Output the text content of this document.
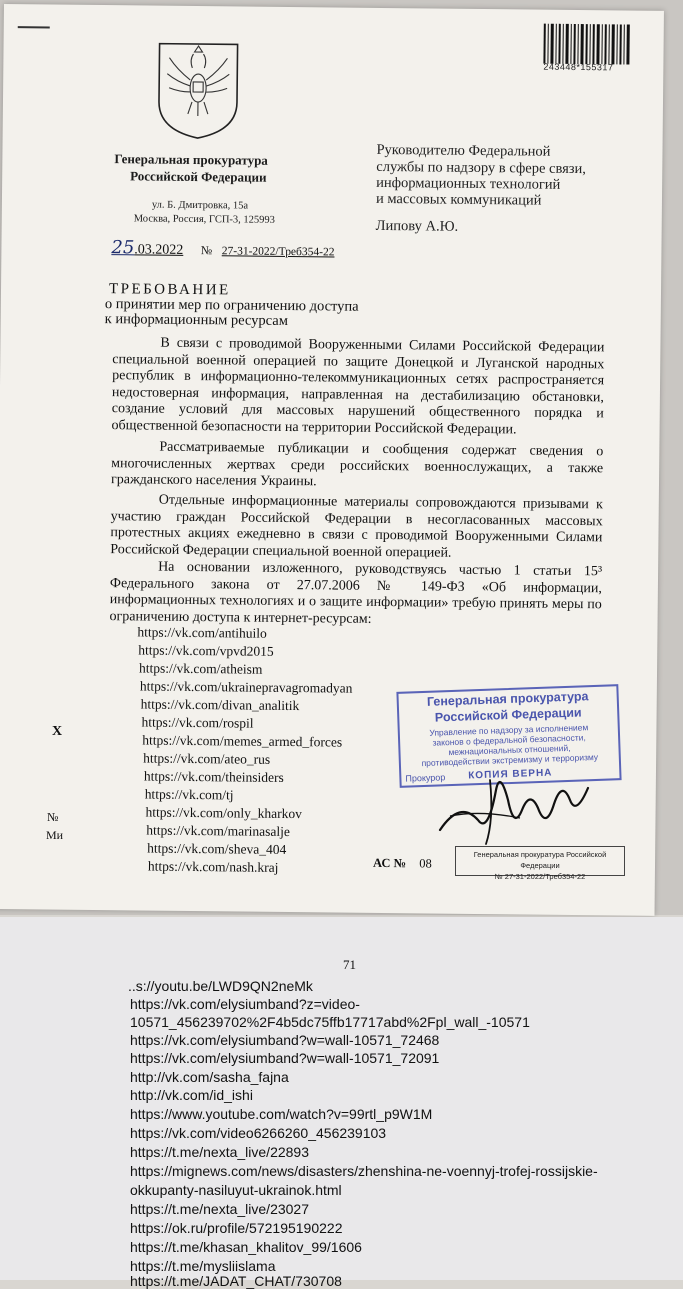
243448*155317
Генеральная прокуратура
Российской Федерации
ул. Б. Дмитровка, 15а
Москва, Россия, ГСП-3, 125993
Руководителю Федеральной
службы по надзору в сфере связи,
информационных технологий
и массовых коммуникаций
Липову А.Ю.
25.03.2022 № 27-31-2022/Треб354-22
ТРЕБОВАНИЕ
о принятии мер по ограничению доступа
к информационным ресурсам

В связи с проводимой Вооруженными Силами Российской Федерации специальной военной операцией по защите Донецкой и Луганской народных республик в информационно-телекоммуникационных сетях распространяется недостоверная информация, направленная на дестабилизацию обстановки, создание условий для массовых нарушений общественного порядка и общественной безопасности на территории Российской Федерации.

Рассматриваемые публикации и сообщения содержат сведения о многочисленных жертвах среди российских военнослужащих, а также гражданского населения Украины.

Отдельные информационные материалы сопровождаются призывами к участию граждан Российской Федерации в несогласованных массовых протестных акциях ежедневно в связи с проводимой Вооруженными Силами Российской Федерации специальной военной операцией.

На основании изложенного, руководствуясь частью 1 статьи 15³ Федерального закона от 27.07.2006 № 149-ФЗ «Об информации, информационных технологиях и о защите информации» требую принять меры по ограничению доступа к интернет-ресурсам:

https://vk.com/antihuilo
https://vk.com/vpvd2015
https://vk.com/atheism
https://vk.com/ukrainepravagromadyan
https://vk.com/divan_analitik
https://vk.com/rospil
https://vk.com/memes_armed_forces
https://vk.com/ateo_rus
https://vk.com/theinsiders
https://vk.com/tj
https://vk.com/only_kharkov
https://vk.com/marinasalje
https://vk.com/sheva_404
https://vk.com/nash.kraj	АС № 08
Генеральная прокуратура
Российской Федерации
Управление по надзору за исполнением законов о федеральной безопасности, межнациональных отношений, противодействии экстремизму и терроризму
КОПИЯ ВЕРНА
Прокурор
Генеральная прокуратура Российской Федерации
№ 27-31-2022/Треб354-22
Х
№
Ми
71
..s://youtu.be/LWD9QN2neMk
https://vk.com/elysiumband?z=video-
10571_456239702%2F4b5dc75ffb17717abd%2Fpl_wall_-10571
https://vk.com/elysiumband?w=wall-10571_72468
https://vk.com/elysiumband?w=wall-10571_72091
http://vk.com/sasha_fajna
http://vk.com/id_ishi
https://www.youtube.com/watch?v=99rtl_p9W1M
https://vk.com/video6266260_456239103
https://t.me/nexta_live/22893
https://mignews.com/news/disasters/zhenshina-ne-voennyj-trofej-rossijskie-
okkupanty-nasiluyut-ukrainok.html
https://t.me/nexta_live/23027
https://ok.ru/profile/572195190222
https://t.me/khasan_khalitov_99/1606
https://t.me/mysliislama
https://t.me/JADAT_CHAT/730708
